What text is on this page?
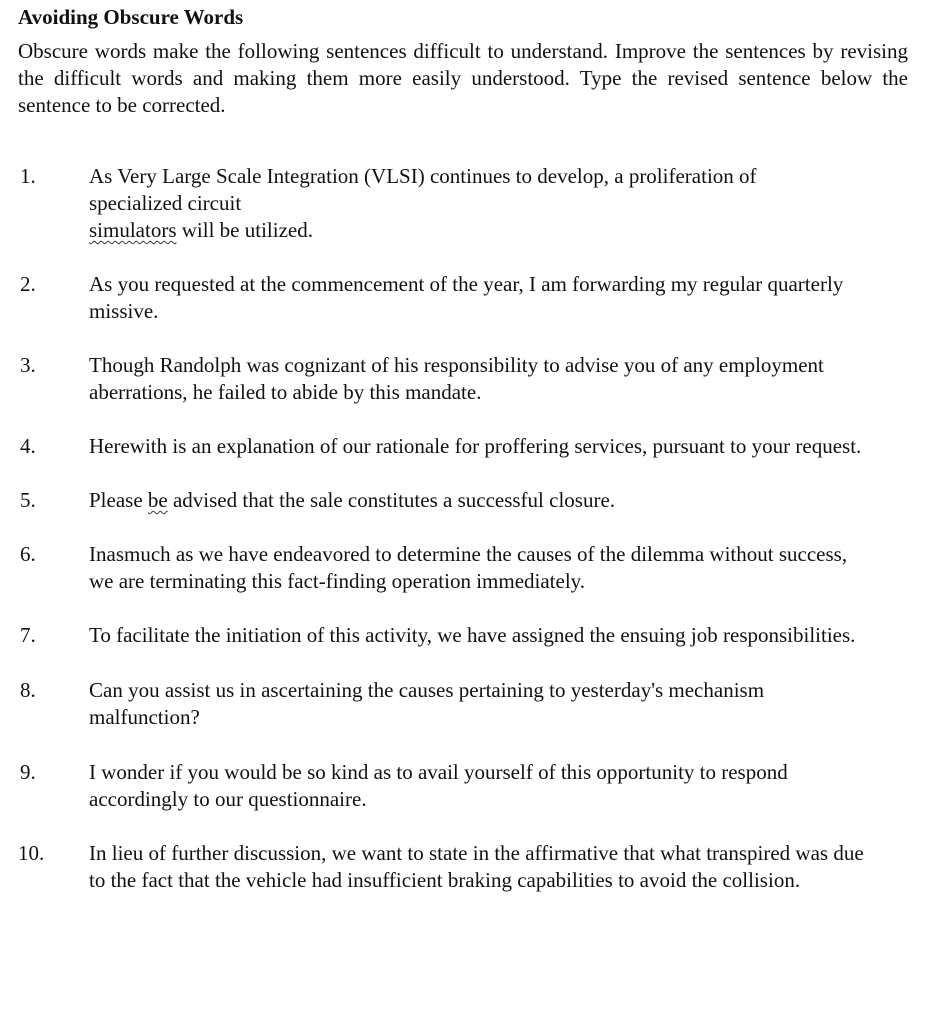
Avoiding Obscure Words

Obscure words make the following sentences difficult to understand. Improve the sentences by revising the difficult words and making them more easily understood. Type the revised sentence below the sentence to be corrected.

1.	As Very Large Scale Integration (VLSI) continues to develop, a proliferation of
specialized circuit
simulators will be utilized.
2.	As you requested at the commencement of the year, I am forwarding my regular quarterly missive.
3.	Though Randolph was cognizant of his responsibility to advise you of any employment aberrations, he failed to abide by this mandate.
4.	Herewith is an explanation of our rationale for proffering services, pursuant to your request.
5.	Please be advised that the sale constitutes a successful closure.
6.	Inasmuch as we have endeavored to determine the causes of the dilemma without success, we are terminating this fact-finding operation immediately.
7.	To facilitate the initiation of this activity, we have assigned the ensuing job responsibilities.
8.	Can you assist us in ascertaining the causes pertaining to yesterday's mechanism malfunction?
9.	I wonder if you would be so kind as to avail yourself of this opportunity to respond accordingly to our questionnaire.
10.	In lieu of further discussion, we want to state in the affirmative that what transpired was due to the fact that the vehicle had insufficient braking capabilities to avoid the collision.
